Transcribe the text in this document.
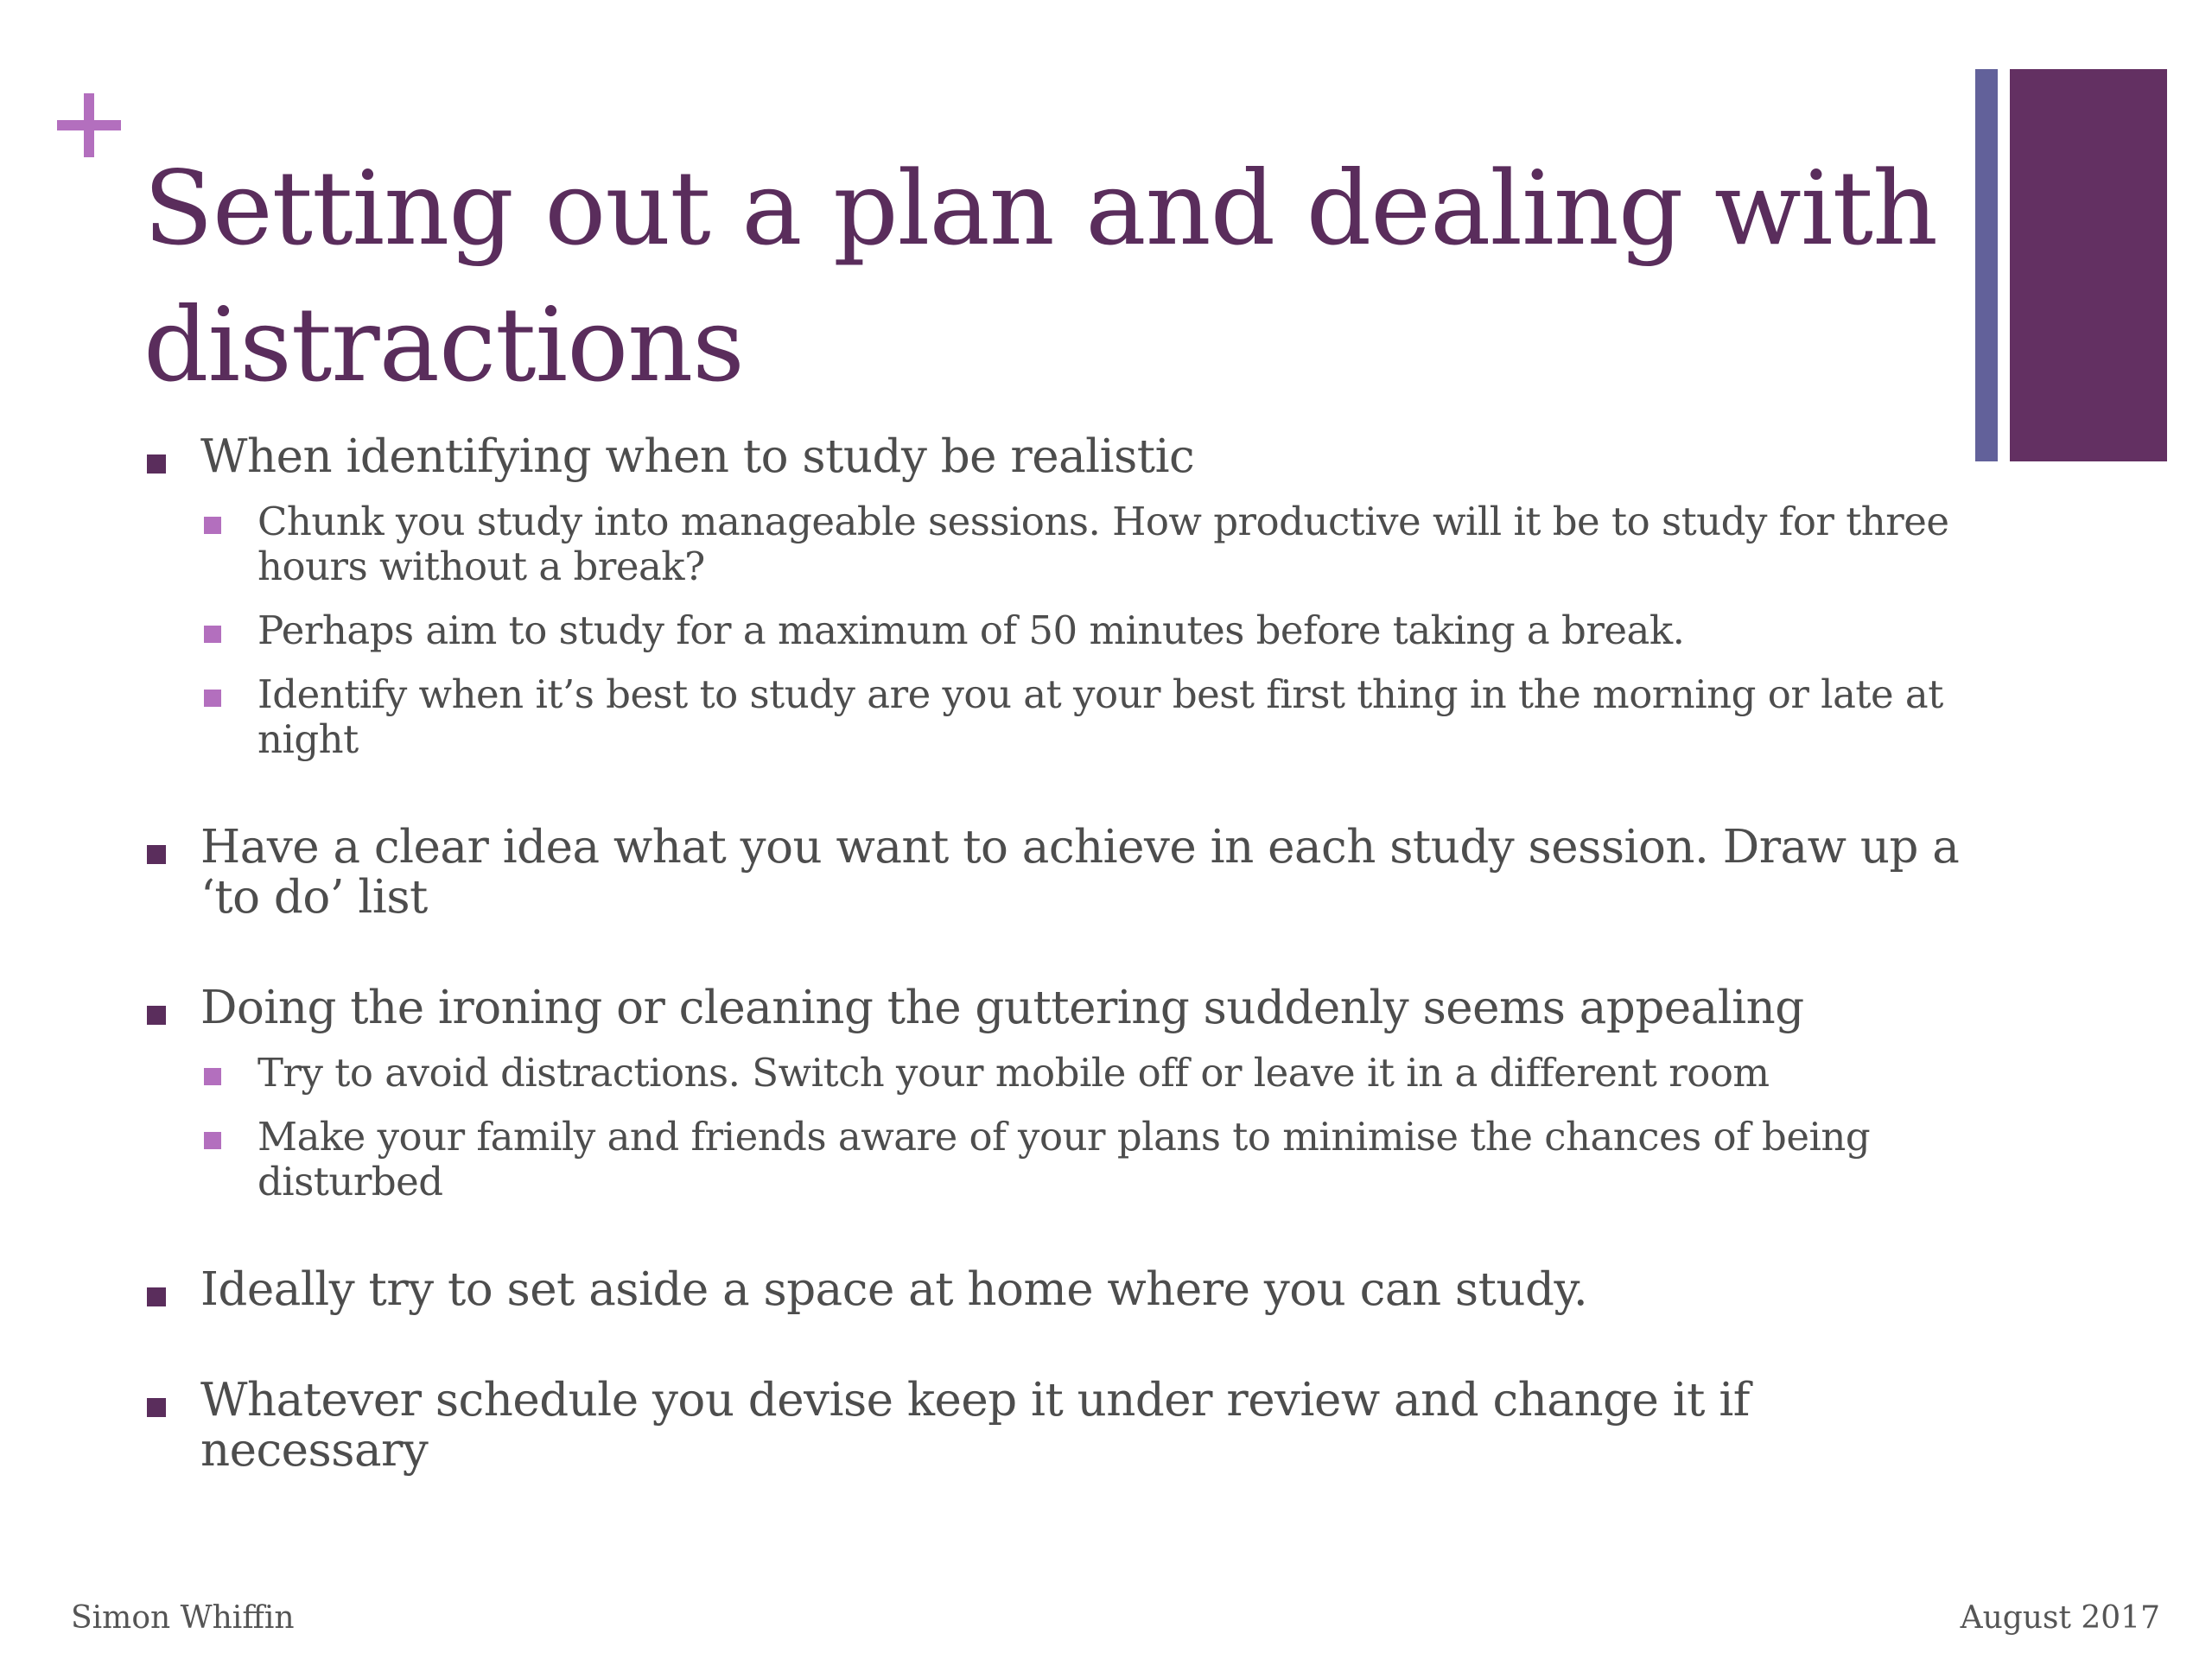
Setting out a plan and dealing with distractions
When identifying when to study be realistic
Chunk you study into manageable sessions. How productive will it be to study for three hours without a break?
Perhaps aim to study for a maximum of 50 minutes before taking a break.
Identify when it’s best to study are you at your best first thing in the morning or late at night
Have a clear idea what you want to achieve in each study session. Draw up a ‘to do’ list
Doing the ironing or cleaning the guttering suddenly seems appealing
Try to avoid distractions. Switch your mobile off or leave it in a different room
Make your family and friends aware of your plans to minimise the chances of being disturbed
Ideally try to set aside a space at home where you can study.
Whatever schedule you devise keep it under review and change it if necessary
Simon Whiffin	August 2017
